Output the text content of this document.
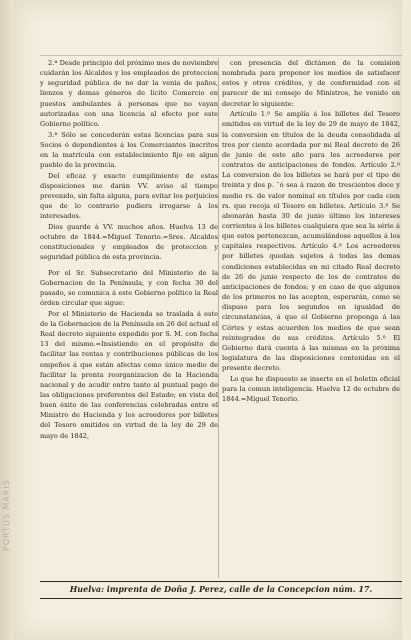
PORTUS MARIS

2.ª Desde principio del próximo mes de noviembre cuidarán los Alcaldes y los empleados de proteccion y seguridad pública de no dar la venia de paños, lienzos y demas géneros de lícito Comercio en puestos ambulantes á personas que no vayan autorizadas con una licencia al efecto por este Gobierno político.

3.ª Sólo se concederán estas licencias para sus Socios ó dependientes á los Comerciantes inscritos en la matrícula con establecimiento fijo en algun pueblo de la provincia.

Del eficaz y exacto cumplimiento de estas disposiciones me darán VV. aviso al tiempo prevenido, sin falta alguna, para evitar los perjuicios que de lo contrario pudiera irrogarse á los interesados.

Dios guarde á VV. muchos años. Huelva 13 de octubre de 1844.=Miguel Tenorio.=Sres. Alcaldes constitucionales y empleados de proteccion y seguridad pública de esta provincia.

Por el Sr. Subsecretario del Ministerio de la Gobernacion de la Península, y con fecha 30 del pasado, se comunica á este Gobierno político la Real órden circular que sigue:

Por el Ministerio de Hacienda se traslada á este de la Gobernacion de la Península en 26 del actual el Real decreto siguiente expedido por S. M. con fecha 13 del mismo.=Insistiendo en el propósito de facilitar las rentas y contribuciones públicas de los empeños á que están afectas como único medio de facilitar la pronta reorganizacion de la Hacienda nacional y de acudir entre tanto al puntual pago de las obligaciones preferentes del Estado; en vista del buen éxito de las conferencias celebradas entre el Ministro de Hacienda y los acreedores por billetes del Tesoro emitidos en virtud de la ley de 29 de mayo de 1842,

con presencia del dictámen de la comision nombrada para proponer los medios de satisfacer estos y otros créditos, y de conformidad con el parecer de mi consejo de Ministros, he venido en decretar lo siguiente:

Artículo 1.º Se amplía á los billetes del Tesoro emitidos en virtud de la ley de 29 de mayo de 1842, la conversion en títulos de la deuda consolidada al tres por ciento acordada por mi Real decreto de 26 de junio de este año para los acreedores por contratos de anticipaciones de fondos. Artículo 2.º La conversion de los billetes se hará por el tipo de treinta y dos p. ¯ó sea á razon de trescientos doce y medio rs. de valor nominal en títulos por cada cien rs. que recoja el Tesoro en billetes. Artículo 3.º Se abonarán hasta 30 de junio último los intereses corrientes á los billetes cualquiera que sea la série á que estos pertenezcan, acumulándose aquellos á los capitales respectivos. Artículo 4.º Los acreedores por billetes quedan sujetos á todas las demas condiciones establecidas en mi citado Real decreto de 26 de junio respecto de los de contratos de anticipaciones de fondos; y en caso de que algunos de los primeros no las acepten, esperarán, como se dispuso para los segundos en igualdad de circunstancias, á que el Gobierno proponga á las Córtes y estas acuerden los medios de que sean reintegrados de sus créditos. Artículo 5.º El Gobierno dará cuenta á las mismas en la próxima legislatura de las disposiciones contenidas en el presente decreto.

Lo que he dispuesto se inserte en el boletin oficial para la comun inteligencia. Huelva 12 de octubre de 1844.=Miguel Tenorio.

Huelva: imprenta de Doña J. Perez, calle de la Concepcion núm. 17.
